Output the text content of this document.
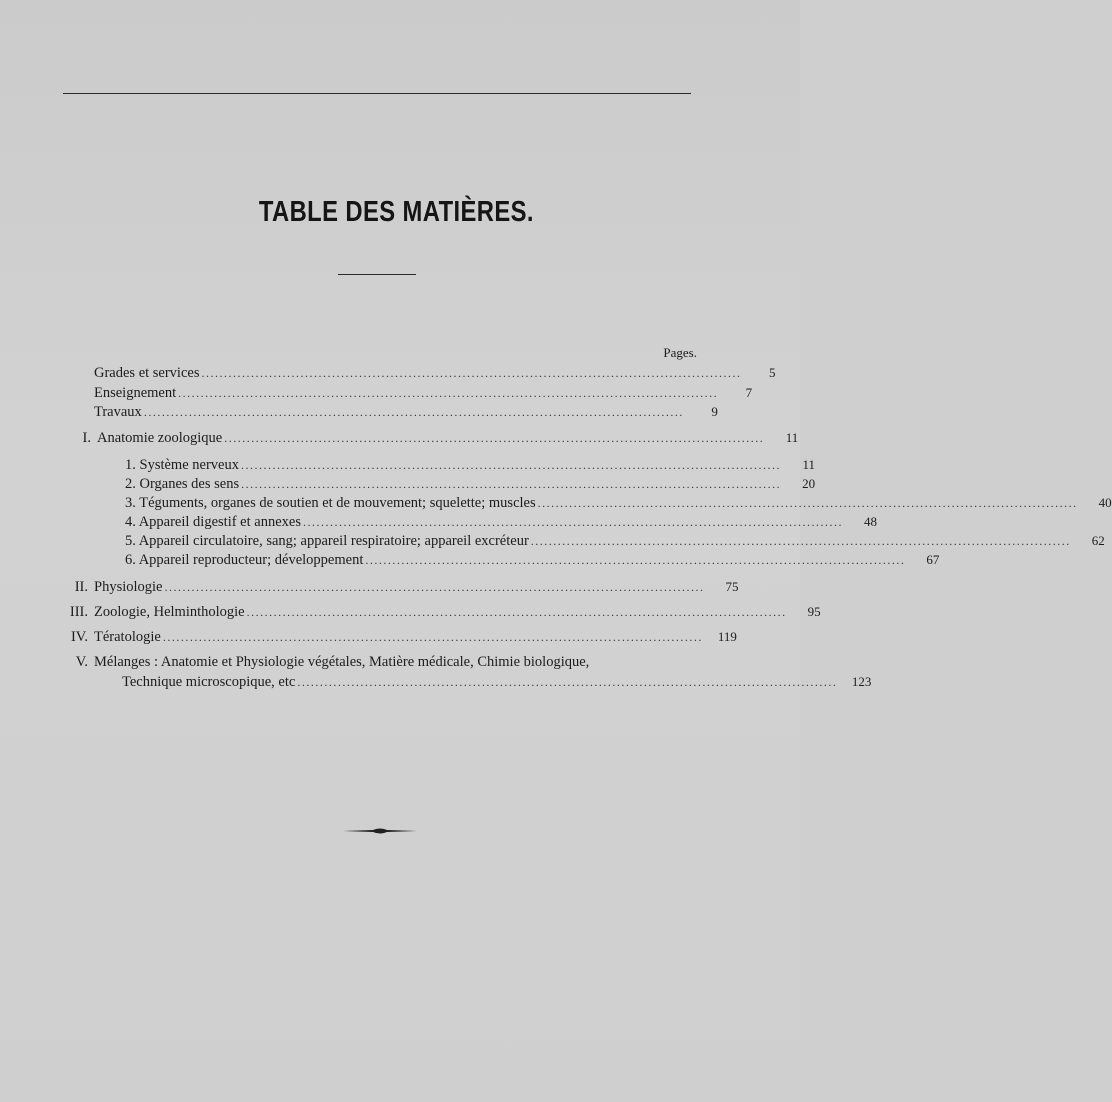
TABLE DES MATIÈRES.
Pages.
Grades et services ........................................................................................................................	5
Enseignement ........................................................................................................................	7
Travaux ........................................................................................................................	9
I. Anatomie zoologique ........................................................................................................................	11
1. Système nerveux ........................................................................................................................	11
2. Organes des sens ........................................................................................................................	20
3. Téguments, organes de soutien et de mouvement; squelette; muscles ........................................................................................................................	40
4. Appareil digestif et annexes ........................................................................................................................	48
5. Appareil circulatoire, sang; appareil respiratoire; appareil excréteur ........................................................................................................................	62
6. Appareil reproducteur; développement ........................................................................................................................	67
II. Physiologie ........................................................................................................................	75
III. Zoologie, Helminthologie ........................................................................................................................	95
IV. Tératologie ........................................................................................................................	119
V. Mélanges : Anatomie et Physiologie végétales, Matière médicale, Chimie biologique,
Technique microscopique, etc ........................................................................................................................	123
